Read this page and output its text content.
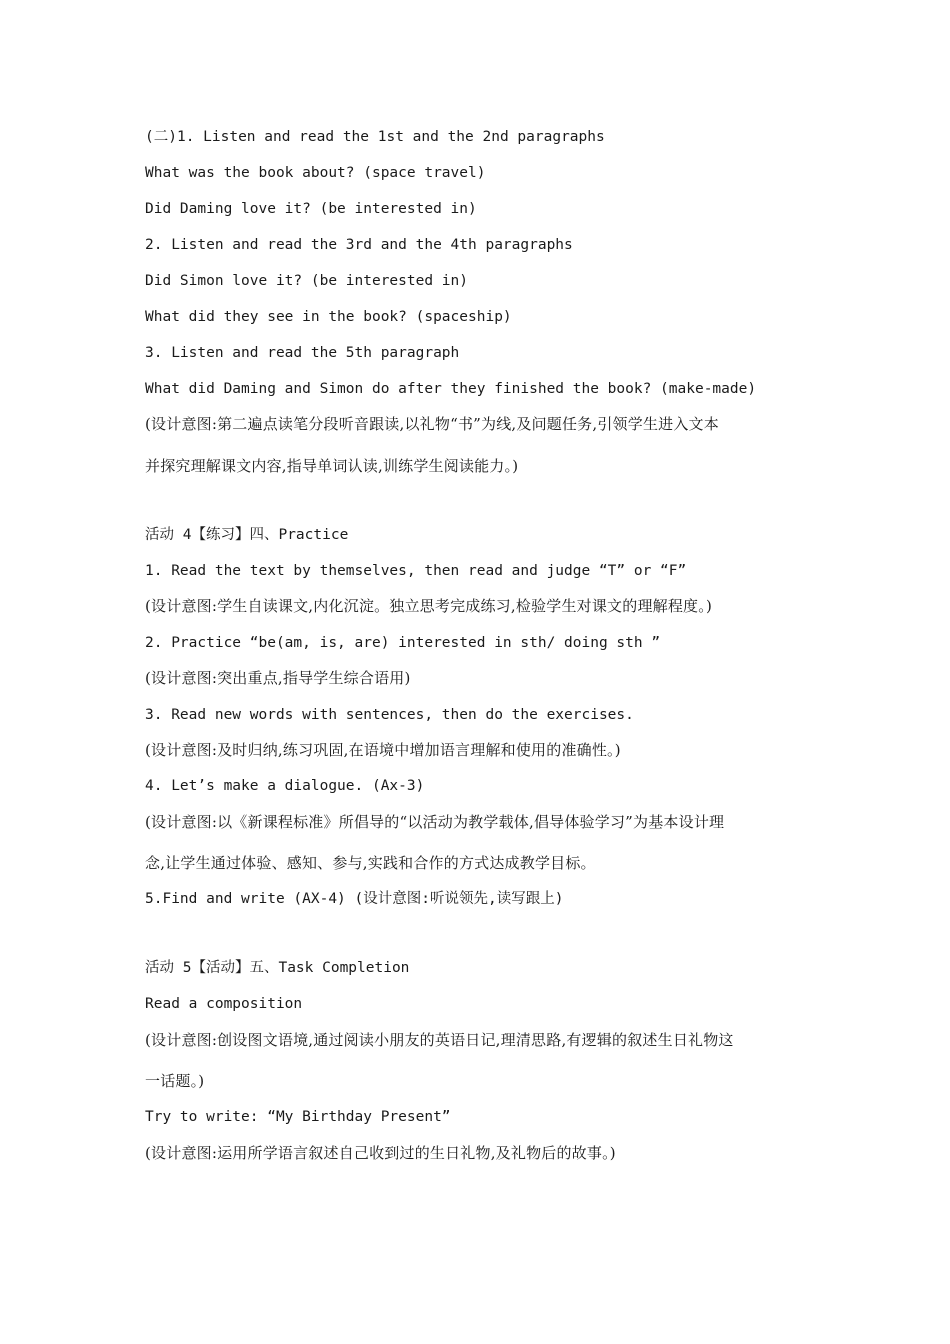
(二)1. Listen and read the 1st and the 2nd paragraphs
What was the book about? (space travel)
Did Daming love it? (be interested in)
2. Listen and read the 3rd and the 4th paragraphs
Did Simon love it? (be interested in)
What did they see in the book? (spaceship)
3. Listen and read the 5th paragraph
What did Daming and Simon do after they finished the book? (make-made)
(设计意图:第二遍点读笔分段听音跟读,以礼物“书”为线,及问题任务,引领学生进入文本
并探究理解课文内容,指导单词认读,训练学生阅读能力。)
活动 4【练习】四、Practice
1. Read the text by themselves, then read and judge “T” or “F”
(设计意图:学生自读课文,内化沉淀。独立思考完成练习,检验学生对课文的理解程度。)
2. Practice “be(am, is, are) interested in sth/ doing sth ”
(设计意图:突出重点,指导学生综合语用)
3. Read new words with sentences, then do the exercises.
(设计意图:及时归纳,练习巩固,在语境中增加语言理解和使用的准确性。)
4. Let’s make a dialogue. (Ax-3)
(设计意图:以《新课程标准》所倡导的“以活动为教学载体,倡导体验学习”为基本设计理
念,让学生通过体验、感知、参与,实践和合作的方式达成教学目标。
5.Find and write (AX-4) (设计意图:听说领先,读写跟上)
活动 5【活动】五、Task Completion
Read a composition
(设计意图:创设图文语境,通过阅读小朋友的英语日记,理清思路,有逻辑的叙述生日礼物这
一话题。)
Try to write: “My Birthday Present”
(设计意图:运用所学语言叙述自己收到过的生日礼物,及礼物后的故事。)
